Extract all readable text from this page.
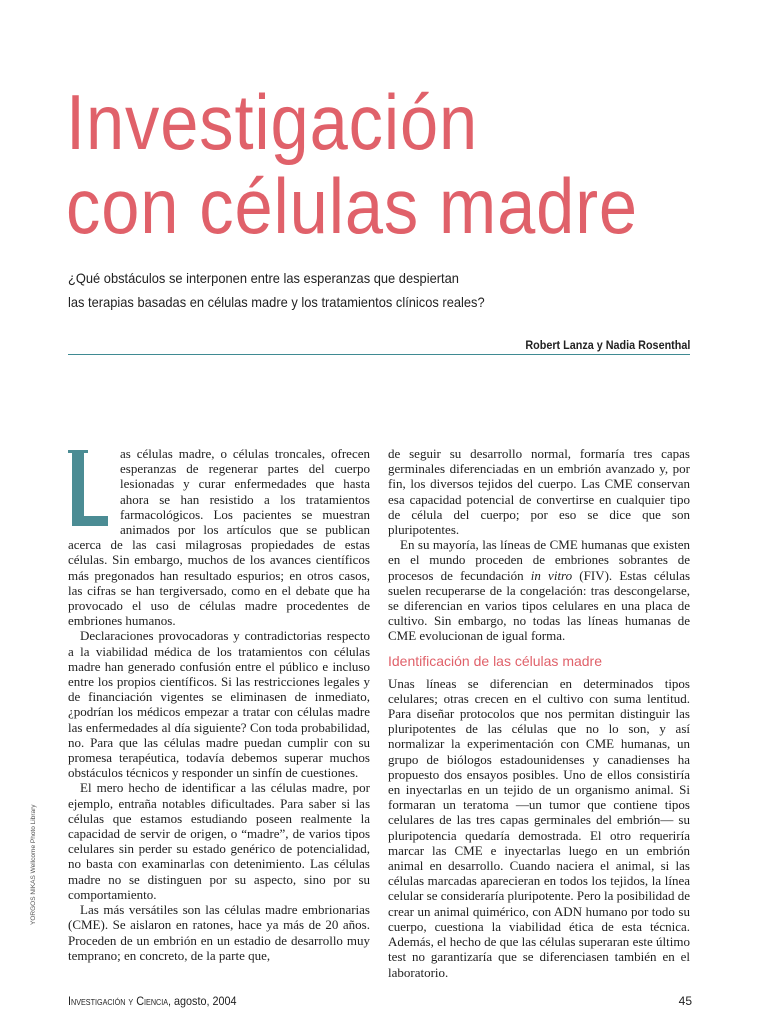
Investigación
con células madre
¿Qué obstáculos se interponen entre las esperanzas que despiertan
las terapias basadas en células madre y los tratamientos clínicos reales?
Robert Lanza y Nadia Rosenthal

as células madre, o células troncales, ofrecen esperanzas de regenerar partes del cuerpo lesionadas y curar enfermedades que hasta ahora se han resistido a los tratamientos farmacológicos. Los pacientes se muestran animados por los artículos que se publican acerca de las casi milagrosas propiedades de estas células. Sin embargo, muchos de los avances científicos más pregonados han resultado espurios; en otros casos, las cifras se han tergiversado, como en el debate que ha provocado el uso de células madre procedentes de embriones humanos.

Declaraciones provocadoras y contradictorias respecto a la viabilidad médica de los tratamientos con células madre han generado confusión entre el público e incluso entre los propios científicos. Si las restricciones legales y de financiación vigentes se eliminasen de inmediato, ¿podrían los médicos empezar a tratar con células madre las enfermedades al día siguiente? Con toda probabilidad, no. Para que las células madre puedan cumplir con su promesa terapéutica, todavía debemos superar muchos obstáculos técnicos y responder un sinfín de cuestiones.

El mero hecho de identificar a las células madre, por ejemplo, entraña notables dificultades. Para saber si las células que estamos estudiando poseen realmente la capacidad de servir de origen, o “madre”, de varios tipos celulares sin perder su estado genérico de potencialidad, no basta con examinarlas con detenimiento. Las células madre no se distinguen por su aspecto, sino por su comportamiento.

Las más versátiles son las células madre embrionarias (CME). Se aislaron en ratones, hace ya más de 20 años. Proceden de un embrión en un estadio de desarrollo muy temprano; en concreto, de la parte que,

de seguir su desarrollo normal, formaría tres capas germinales diferenciadas en un embrión avanzado y, por fin, los diversos tejidos del cuerpo. Las CME conservan esa capacidad potencial de convertirse en cualquier tipo de célula del cuerpo; por eso se dice que son pluripotentes.

En su mayoría, las líneas de CME humanas que existen en el mundo proceden de embriones sobrantes de procesos de fecundación in vitro (FIV). Estas células suelen recuperarse de la congelación: tras descongelarse, se diferencian en varios tipos celulares en una placa de cultivo. Sin embargo, no todas las líneas humanas de CME evolucionan de igual forma.

Identificación de las células madre

Unas líneas se diferencian en determinados tipos celulares; otras crecen en el cultivo con suma lentitud. Para diseñar protocolos que nos permitan distinguir las pluripotentes de las células que no lo son, y así normalizar la experimentación con CME humanas, un grupo de biólogos estadounidenses y canadienses ha propuesto dos ensayos posibles. Uno de ellos consistiría en inyectarlas en un tejido de un organismo animal. Si formaran un teratoma —un tumor que contiene tipos celulares de las tres capas germinales del embrión— su pluripotencia quedaría demostrada. El otro requeriría marcar las CME e inyectarlas luego en un embrión animal en desarrollo. Cuando naciera el animal, si las células marcadas aparecieran en todos los tejidos, la línea celular se consideraría pluripotente. Pero la posibilidad de crear un animal quimérico, con ADN humano por todo su cuerpo, cuestiona la viabilidad ética de esta técnica. Además, el hecho de que las células superaran este último test no garantizaría que se diferenciasen también en el laboratorio.

YORGOS NIKAS Wellcome Photo Library
Investigación y Ciencia, agosto, 2004	45
